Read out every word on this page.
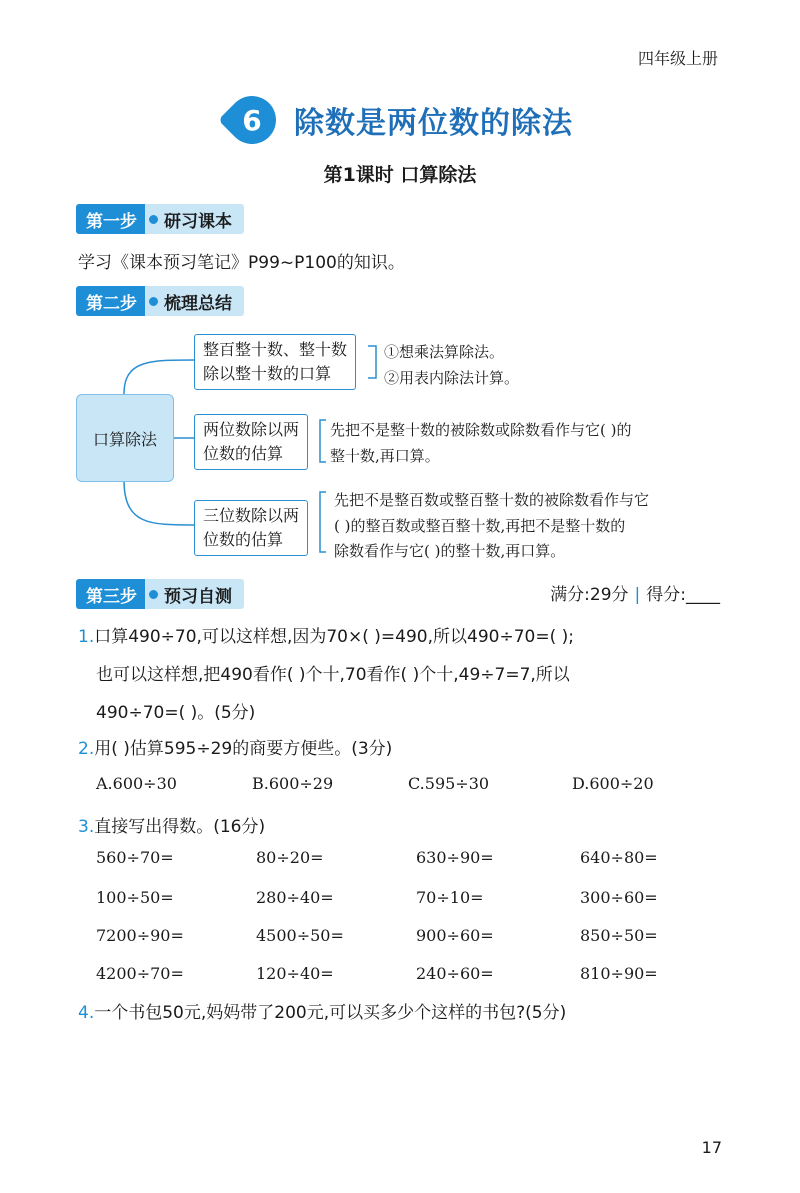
四年级上册
6	除数是两位数的除法
第1课时 口算除法
第一步	研习课本
学习《课本预习笔记》P99~P100的知识。
第二步	梳理总结
口算除法
整百整十数、整十数
除以整十数的口算
①想乘法算除法。
②用表内除法计算。
两位数除以两
位数的估算
先把不是整十数的被除数或除数看作与它( )的
整十数,再口算。
三位数除以两
位数的估算
先把不是整百数或整百整十数的被除数看作与它
( )的整百数或整百整十数,再把不是整十数的
除数看作与它( )的整十数,再口算。
第三步	预习自测	满分:29分 | 得分:____
1.口算490÷70,可以这样想,因为70×( )=490,所以490÷70=( );
也可以这样想,把490看作( )个十,70看作( )个十,49÷7=7,所以
490÷70=( )。(5分)
2.用( )估算595÷29的商要方便些。(3分)
A.600÷30	B.600÷29	C.595÷30	D.600÷20
3.直接写出得数。(16分)
560÷70=	80÷20=	630÷90=	640÷80=
100÷50=	280÷40=	70÷10=	300÷60=
7200÷90=	4500÷50=	900÷60=	850÷50=
4200÷70=	120÷40=	240÷60=	810÷90=
4.一个书包50元,妈妈带了200元,可以买多少个这样的书包?(5分)
17
